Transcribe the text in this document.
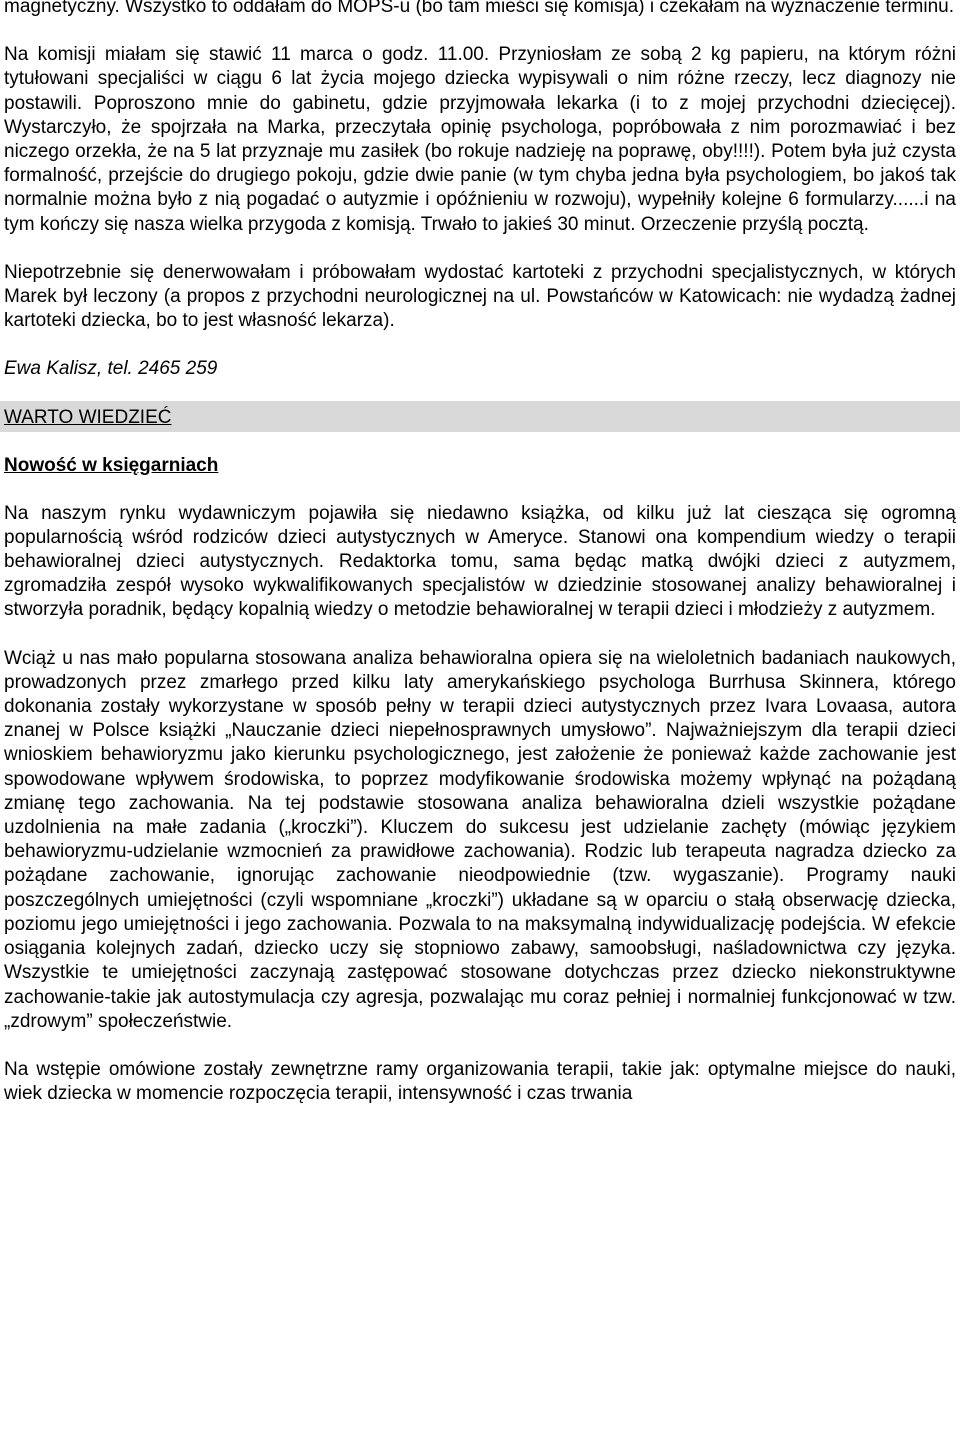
magnetyczny. Wszystko to oddałam do MOPS-u (bo tam mieści się komisja) i czekałam na wyznaczenie terminu.

Na komisji miałam się stawić 11 marca o godz. 11.00. Przyniosłam ze sobą 2 kg papieru, na którym różni tytułowani specjaliści w ciągu 6 lat życia mojego dziecka wypisywali o nim różne rzeczy, lecz diagnozy nie postawili. Poproszono mnie do gabinetu, gdzie przyjmowała lekarka (i to z mojej przychodni dziecięcej). Wystarczyło, że spojrzała na Marka, przeczytała opinię psychologa, popróbowała z nim porozmawiać i bez niczego orzekła, że na 5 lat przyznaje mu zasiłek (bo rokuje nadzieję na poprawę, oby!!!!). Potem była już czysta formalność, przejście do drugiego pokoju, gdzie dwie panie (w tym chyba jedna była psychologiem, bo jakoś tak normalnie można było z nią pogadać o autyzmie i opóźnieniu w rozwoju), wypełniły kolejne 6 formularzy......i na tym kończy się nasza wielka przygoda z komisją. Trwało to jakieś 30 minut. Orzeczenie przyślą pocztą.

Niepotrzebnie się denerwowałam i próbowałam wydostać kartoteki z przychodni specjalistycznych, w których Marek był leczony (a propos z przychodni neurologicznej na ul. Powstańców w Katowicach: nie wydadzą żadnej kartoteki dziecka, bo to jest własność lekarza).

Ewa Kalisz, tel. 2465 259

WARTO WIEDZIEĆ
Nowość w księgarniach

Na naszym rynku wydawniczym pojawiła się niedawno książka, od kilku już lat ciesząca się ogromną popularnością wśród rodziców dzieci autystycznych w Ameryce. Stanowi ona kompendium wiedzy o terapii behawioralnej dzieci autystycznych. Redaktorka tomu, sama będąc matką dwójki dzieci z autyzmem, zgromadziła zespół wysoko wykwalifikowanych specjalistów w dziedzinie stosowanej analizy behawioralnej i stworzyła poradnik, będący kopalnią wiedzy o metodzie behawioralnej w terapii dzieci i młodzieży z autyzmem.

Wciąż u nas mało popularna stosowana analiza behawioralna opiera się na wieloletnich badaniach naukowych, prowadzonych przez zmarłego przed kilku laty amerykańskiego psychologa Burrhusa Skinnera, którego dokonania zostały wykorzystane w sposób pełny w terapii dzieci autystycznych przez Ivara Lovaasa, autora znanej w Polsce książki „Nauczanie dzieci niepełnosprawnych umysłowo”. Najważniejszym dla terapii dzieci wnioskiem behawioryzmu jako kierunku psychologicznego, jest założenie że ponieważ każde zachowanie jest spowodowane wpływem środowiska, to poprzez modyfikowanie środowiska możemy wpłynąć na pożądaną zmianę tego zachowania. Na tej podstawie stosowana analiza behawioralna dzieli wszystkie pożądane uzdolnienia na małe zadania („kroczki”). Kluczem do sukcesu jest udzielanie zachęty (mówiąc językiem behawioryzmu-udzielanie wzmocnień za prawidłowe zachowania). Rodzic lub terapeuta nagradza dziecko za pożądane zachowanie, ignorując zachowanie nieodpowiednie (tzw. wygaszanie). Programy nauki poszczególnych umiejętności (czyli wspomniane „kroczki”) układane są w oparciu o stałą obserwację dziecka, poziomu jego umiejętności i jego zachowania. Pozwala to na maksymalną indywidualizację podejścia. W efekcie osiągania kolejnych zadań, dziecko uczy się stopniowo zabawy, samoobsługi, naśladownictwa czy języka. Wszystkie te umiejętności zaczynają zastępować stosowane dotychczas przez dziecko niekonstruktywne zachowanie-takie jak autostymulacja czy agresja, pozwalając mu coraz pełniej i normalniej funkcjonować w tzw. „zdrowym” społeczeństwie.

Na wstępie omówione zostały zewnętrzne ramy organizowania terapii, takie jak: optymalne miejsce do nauki, wiek dziecka w momencie rozpoczęcia terapii, intensywność i czas trwania
